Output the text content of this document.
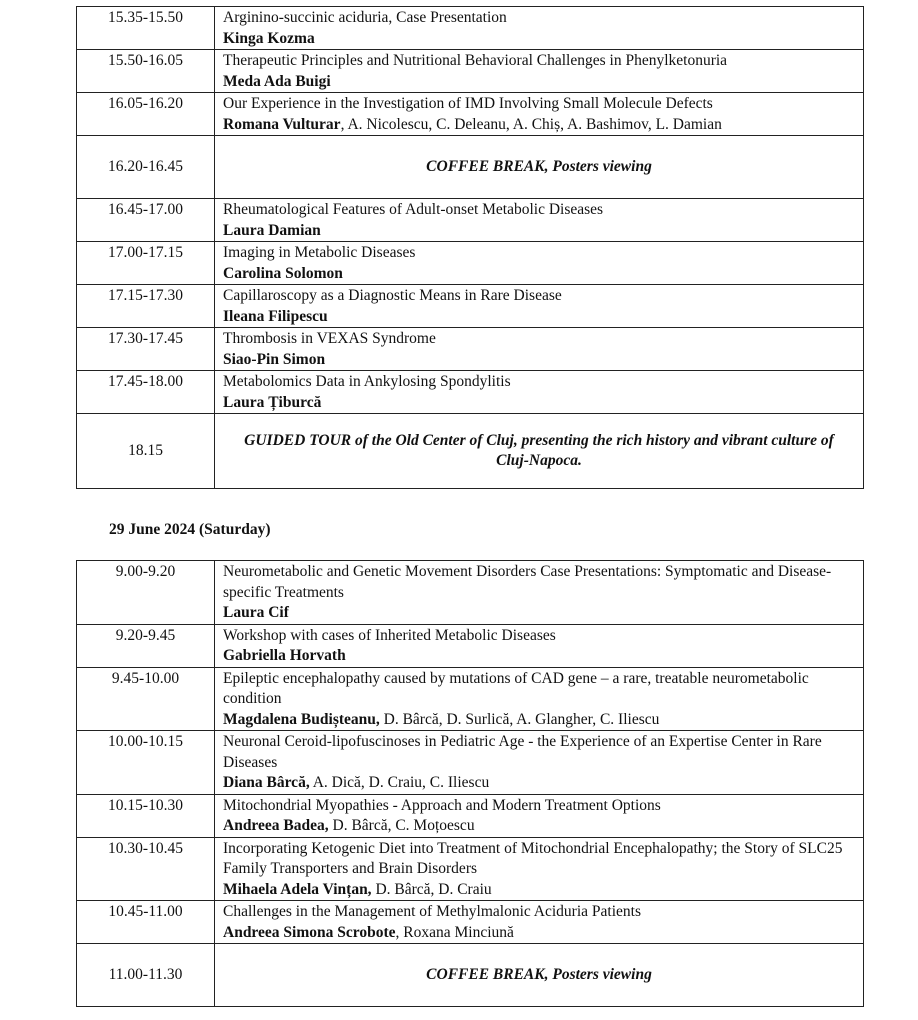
15.35-15.50	Arginino-succinic aciduria, Case Presentation
Kinga Kozma

15.50-16.05	Therapeutic Principles and Nutritional Behavioral Challenges in Phenylketonuria
Meda Ada Buigi

16.05-16.20	Our Experience in the Investigation of IMD Involving Small Molecule Defects
Romana Vulturar, A. Nicolescu, C. Deleanu, A. Chiș, A. Bashimov, L. Damian

16.20-16.45	COFFEE BREAK, Posters viewing
16.45-17.00	Rheumatological Features of Adult-onset Metabolic Diseases
Laura Damian

17.00-17.15	Imaging in Metabolic Diseases
Carolina Solomon

17.15-17.30	Capillaroscopy as a Diagnostic Means in Rare Disease
Ileana Filipescu

17.30-17.45	Thrombosis in VEXAS Syndrome
Siao-Pin Simon

17.45-18.00	Metabolomics Data in Ankylosing Spondylitis
Laura Țiburcă

18.15	GUIDED TOUR of the Old Center of Cluj, presenting the rich history and vibrant culture of Cluj-Napoca.
29 June 2024 (Saturday)
9.00-9.20	Neurometabolic and Genetic Movement Disorders Case Presentations: Symptomatic and Disease-specific Treatments
Laura Cif

9.20-9.45	Workshop with cases of Inherited Metabolic Diseases
Gabriella Horvath

9.45-10.00	Epileptic encephalopathy caused by mutations of CAD gene – a rare, treatable neurometabolic condition
Magdalena Budișteanu, D. Bârcă, D. Surlică, A. Glangher, C. Iliescu

10.00-10.15	Neuronal Ceroid-lipofuscinoses in Pediatric Age - the Experience of an Expertise Center in Rare Diseases
Diana Bârcă, A. Dică, D. Craiu, C. Iliescu

10.15-10.30	Mitochondrial Myopathies - Approach and Modern Treatment Options
Andreea Badea, D. Bârcă, C. Moțoescu

10.30-10.45	Incorporating Ketogenic Diet into Treatment of Mitochondrial Encephalopathy; the Story of SLC25 Family Transporters and Brain Disorders
Mihaela Adela Vințan, D. Bârcă, D. Craiu

10.45-11.00	Challenges in the Management of Methylmalonic Aciduria Patients
Andreea Simona Scrobote, Roxana Minciună

11.00-11.30	COFFEE BREAK, Posters viewing
